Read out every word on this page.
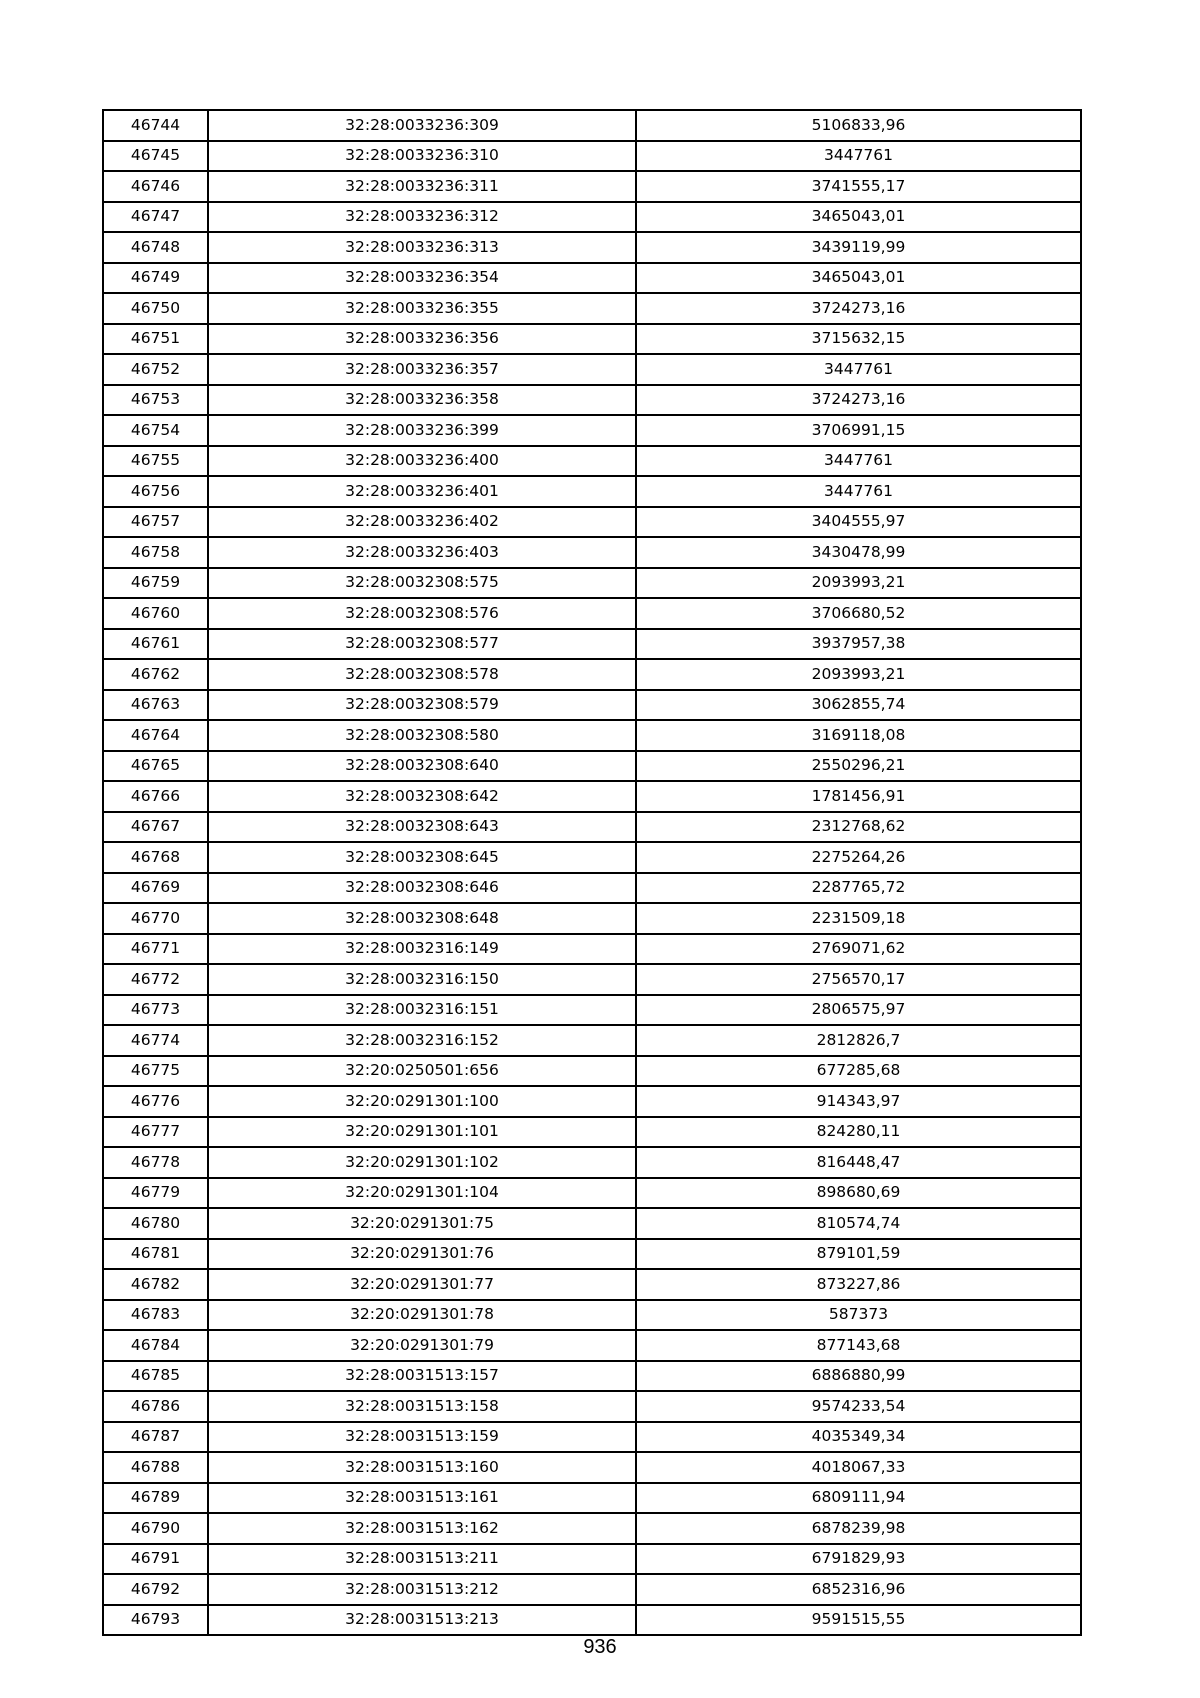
46744	32:28:0033236:309	5106833,96
46745	32:28:0033236:310	3447761
46746	32:28:0033236:311	3741555,17
46747	32:28:0033236:312	3465043,01
46748	32:28:0033236:313	3439119,99
46749	32:28:0033236:354	3465043,01
46750	32:28:0033236:355	3724273,16
46751	32:28:0033236:356	3715632,15
46752	32:28:0033236:357	3447761
46753	32:28:0033236:358	3724273,16
46754	32:28:0033236:399	3706991,15
46755	32:28:0033236:400	3447761
46756	32:28:0033236:401	3447761
46757	32:28:0033236:402	3404555,97
46758	32:28:0033236:403	3430478,99
46759	32:28:0032308:575	2093993,21
46760	32:28:0032308:576	3706680,52
46761	32:28:0032308:577	3937957,38
46762	32:28:0032308:578	2093993,21
46763	32:28:0032308:579	3062855,74
46764	32:28:0032308:580	3169118,08
46765	32:28:0032308:640	2550296,21
46766	32:28:0032308:642	1781456,91
46767	32:28:0032308:643	2312768,62
46768	32:28:0032308:645	2275264,26
46769	32:28:0032308:646	2287765,72
46770	32:28:0032308:648	2231509,18
46771	32:28:0032316:149	2769071,62
46772	32:28:0032316:150	2756570,17
46773	32:28:0032316:151	2806575,97
46774	32:28:0032316:152	2812826,7
46775	32:20:0250501:656	677285,68
46776	32:20:0291301:100	914343,97
46777	32:20:0291301:101	824280,11
46778	32:20:0291301:102	816448,47
46779	32:20:0291301:104	898680,69
46780	32:20:0291301:75	810574,74
46781	32:20:0291301:76	879101,59
46782	32:20:0291301:77	873227,86
46783	32:20:0291301:78	587373
46784	32:20:0291301:79	877143,68
46785	32:28:0031513:157	6886880,99
46786	32:28:0031513:158	9574233,54
46787	32:28:0031513:159	4035349,34
46788	32:28:0031513:160	4018067,33
46789	32:28:0031513:161	6809111,94
46790	32:28:0031513:162	6878239,98
46791	32:28:0031513:211	6791829,93
46792	32:28:0031513:212	6852316,96
46793	32:28:0031513:213	9591515,55
936
